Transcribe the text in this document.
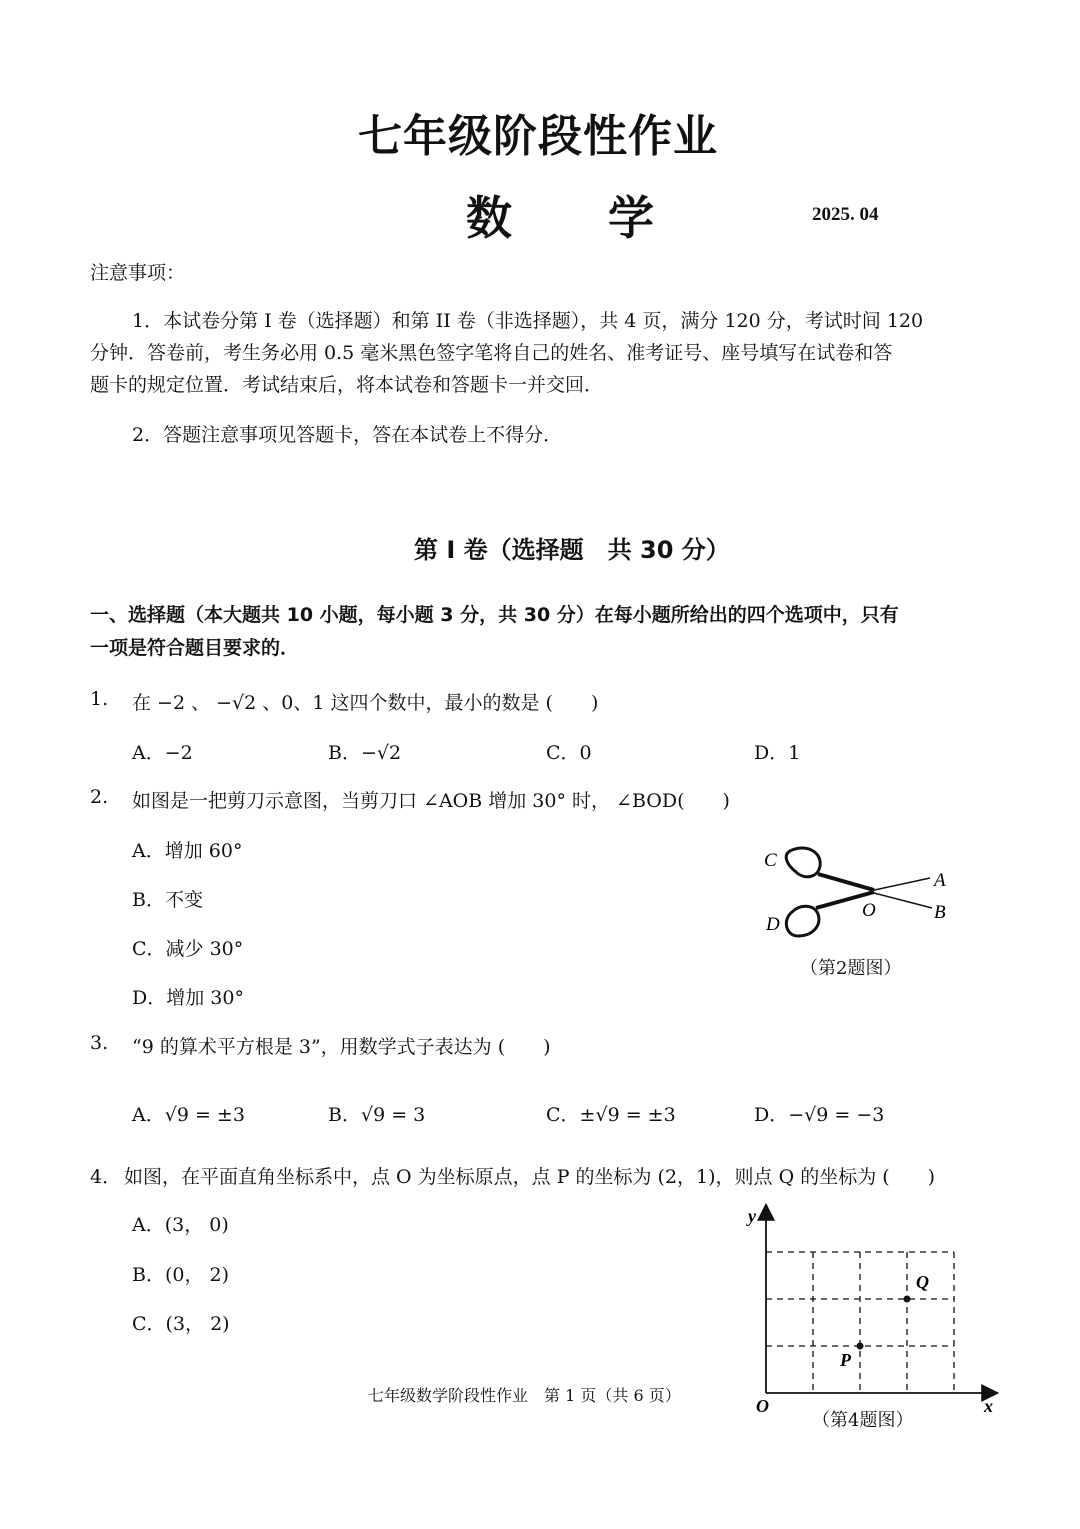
七年级阶段性作业
数 学	2025. 04
注意事项：
1．本试卷分第 I 卷（选择题）和第 II 卷（非选择题），共 4 页，满分 120 分，考试时间 120
分钟．答卷前，考生务必用 0.5 毫米黑色签字笔将自己的姓名、准考证号、座号填写在试卷和答
题卡的规定位置．考试结束后，将本试卷和答题卡一并交回．
2．答题注意事项见答题卡，答在本试卷上不得分．
第 I 卷（选择题　共 30 分）
一、选择题（本大题共 10 小题，每小题 3 分，共 30 分）在每小题所给出的四个选项中，只有
一项是符合题目要求的．
1. 在 −2 、 −√2 、0、1 这四个数中，最小的数是 (　　)
A．−2	B．−√2	C．0	D．1
2. 如图是一把剪刀示意图，当剪刀口 ∠AOB 增加 30° 时， ∠BOD(　　)
A．增加 60°
B．不变
C．减少 30°
D．增加 30°
C
A
O	B
D
（第2题图）
3. “9 的算术平方根是 3”，用数学式子表达为 (　　)
A．√9 = ±3	B．√9 = 3	C．±√9 = ±3	D．−√9 = −3
4． 如图，在平面直角坐标系中，点 O 为坐标原点，点 P 的坐标为 (2，1)，则点 Q 的坐标为 (　　)
A．(3， 0)
B．(0， 2)
C．(3， 2)
y
x
O
P
Q
（第4题图）
七年级数学阶段性作业　第 1 页（共 6 页）
